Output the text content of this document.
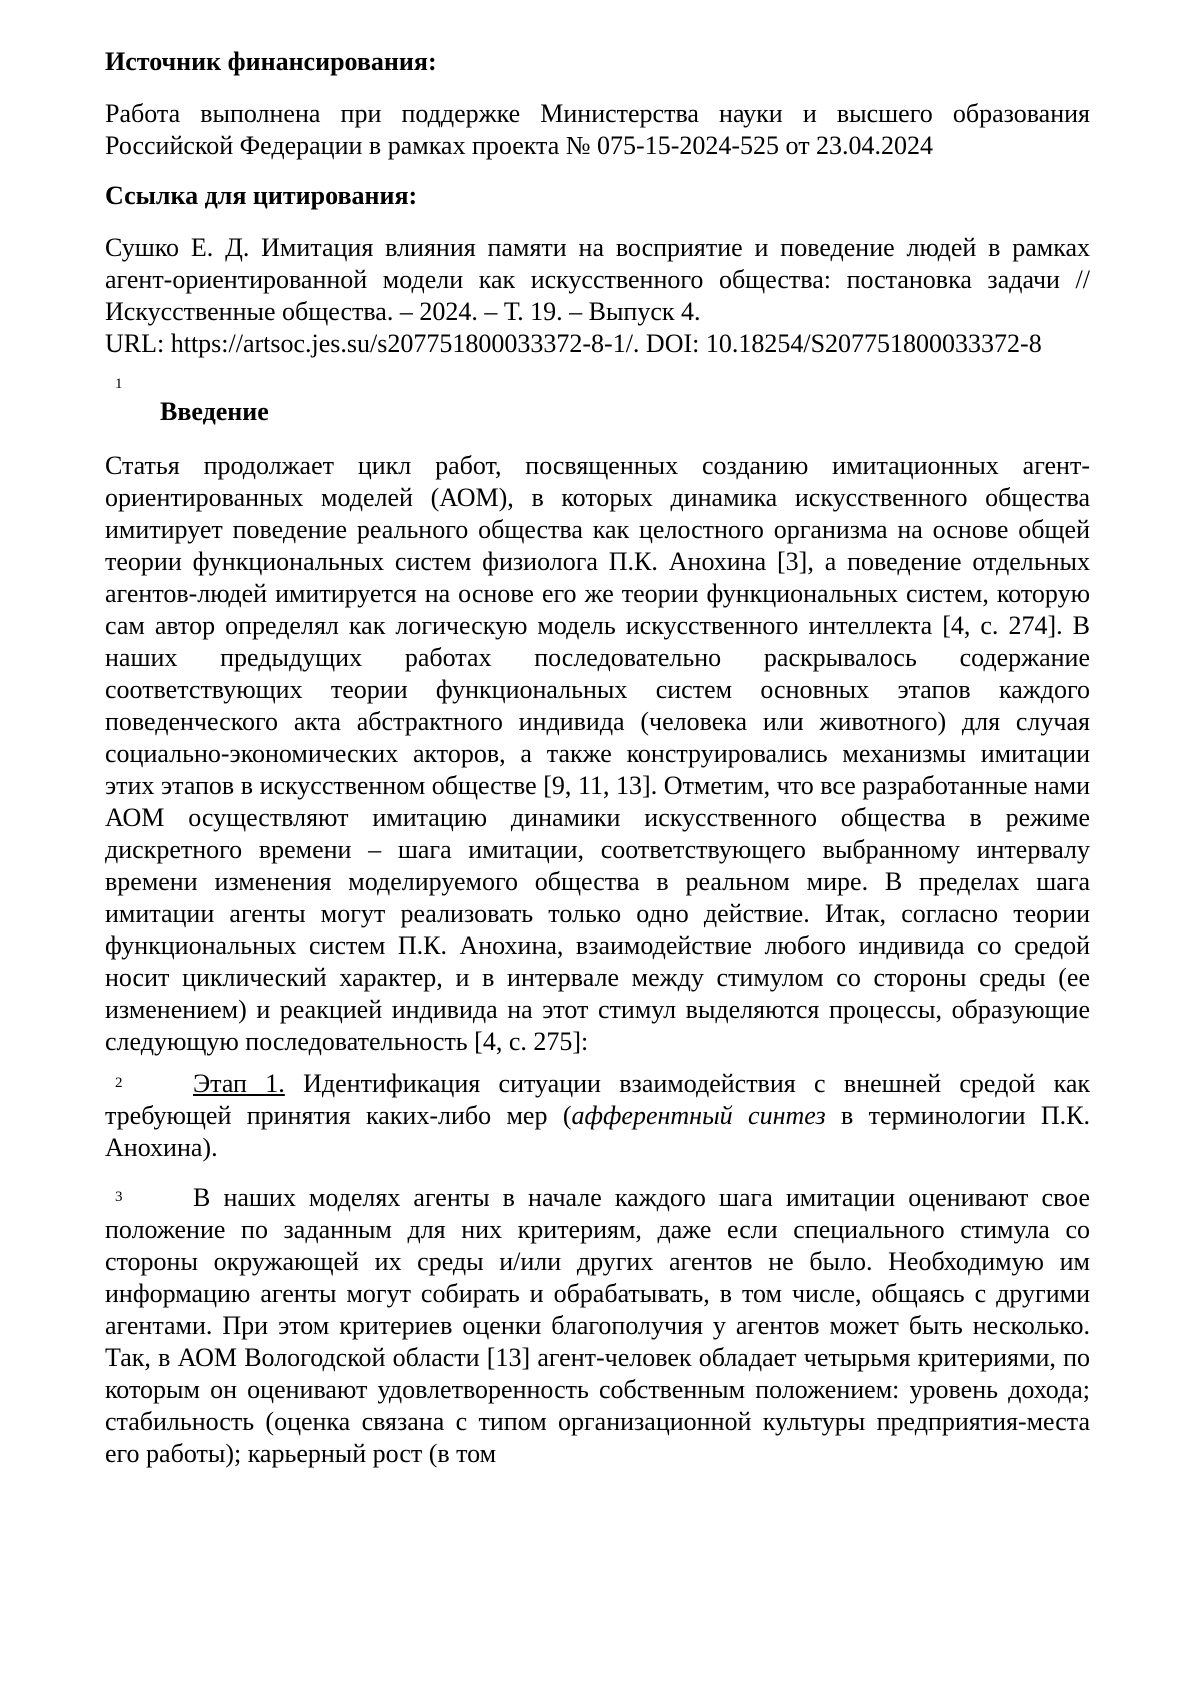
Источник финансирования:

Работа выполнена при поддержке Министерства науки и высшего образования Российской Федерации в рамках проекта № 075-15-2024-525 от 23.04.2024

Ссылка для цитирования:

Сушко Е. Д. Имитация влияния памяти на восприятие и поведение людей в рамках агент-ориентированной модели как искусственного общества: постановка задачи // Искусственные общества. – 2024. – Т. 19. – Выпуск 4.

URL: https://artsoc.jes.su/s207751800033372-8-1/. DOI: 10.18254/S207751800033372-8

1
Введение

Статья продолжает цикл работ, посвященных созданию имитационных агент-ориентированных моделей (АОМ), в которых динамика искусственного общества имитирует поведение реального общества как целостного организма на основе общей теории функциональных систем физиолога П.К. Анохина [3], а поведение отдельных агентов-людей имитируется на основе его же теории функциональных систем, которую сам автор определял как логическую модель искусственного интеллекта [4, с. 274]. В наших предыдущих работах последовательно раскрывалось содержание соответствующих теории функциональных систем основных этапов каждого поведенческого акта абстрактного индивида (человека или животного) для случая социально-экономических акторов, а также конструировались механизмы имитации этих этапов в искусственном обществе [9, 11, 13]. Отметим, что все разработанные нами АОМ осуществляют имитацию динамики искусственного общества в режиме дискретного времени – шага имитации, соответствующего выбранному интервалу времени изменения моделируемого общества в реальном мире. В пределах шага имитации агенты могут реализовать только одно действие. Итак, согласно теории функциональных систем П.К. Анохина, взаимодействие любого индивида со средой носит циклический характер, и в интервале между стимулом со стороны среды (ее изменением) и реакцией индивида на этот стимул выделяются процессы, образующие следующую последовательность [4, с. 275]:

2	Этап 1. Идентификация ситуации взаимодействия с внешней средой как требующей принятия каких-либо мер (афферентный синтез в терминологии П.К. Анохина).

3	В наших моделях агенты в начале каждого шага имитации оценивают свое положение по заданным для них критериям, даже если специального стимула со стороны окружающей их среды и/или других агентов не было. Необходимую им информацию агенты могут собирать и обрабатывать, в том числе, общаясь с другими агентами. При этом критериев оценки благополучия у агентов может быть несколько. Так, в АОМ Вологодской области [13] агент-человек обладает четырьмя критериями, по которым он оценивают удовлетворенность собственным положением: уровень дохода; стабильность (оценка связана с типом организационной культуры предприятия-места его работы); карьерный рост (в том
